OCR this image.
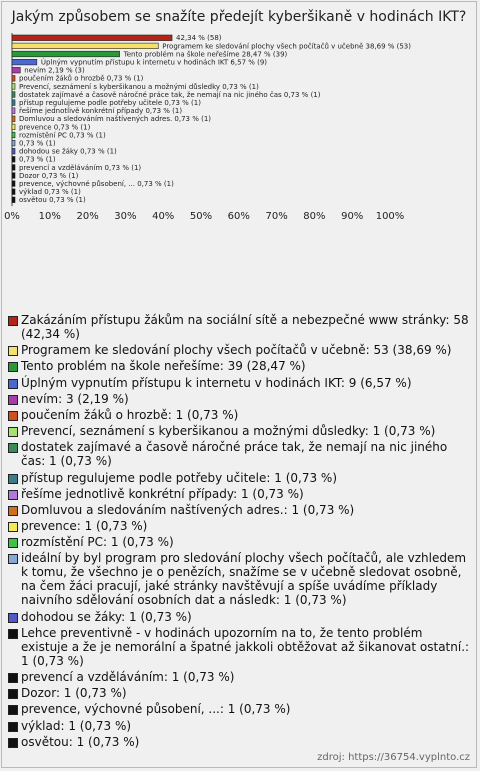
Jakým způsobem se snažíte předejít kyberšikaně v hodinách IKT?
42,34 % (58)
Programem ke sledování plochy všech počítačů v učebně 38,69 % (53)
Tento problém na škole neřešíme 28,47 % (39)
Úplným vypnutím přístupu k internetu v hodinách IKT 6,57 % (9)
nevím 2,19 % (3)
poučením žáků o hrozbě 0,73 % (1)
Prevencí, seznámení s kyberšikanou a možnými důsledky 0,73 % (1)
dostatek zajímavé a časově náročné práce tak, že nemají na nic jiného čas 0,73 % (1)
přístup regulujeme podle potřeby učitele 0,73 % (1)
řešíme jednotlivě konkrétní případy 0,73 % (1)
Domluvou a sledováním naštívených adres. 0,73 % (1)
prevence 0,73 % (1)
rozmístění PC 0,73 % (1)
0,73 % (1)
dohodou se žáky 0,73 % (1)
0,73 % (1)
prevencí a vzděláváním 0,73 % (1)
Dozor 0,73 % (1)
prevence, výchovné působení, ... 0,73 % (1)
výklad 0,73 % (1)
osvětou 0,73 % (1)
0% 10% 20% 30% 40% 50% 60% 70% 80% 90% 100%
Zakázáním přístupu žákům na sociální sítě a nebezpečné www stránky: 58 (42,34 %)
Programem ke sledování plochy všech počítačů v učebně: 53 (38,69 %)
Tento problém na škole neřešíme: 39 (28,47 %)
Úplným vypnutím přístupu k internetu v hodinách IKT: 9 (6,57 %)
nevím: 3 (2,19 %)
poučením žáků o hrozbě: 1 (0,73 %)
Prevencí, seznámení s kyberšikanou a možnými důsledky: 1 (0,73 %)
dostatek zajímavé a časově náročné práce tak, že nemají na nic jiného čas: 1 (0,73 %)
přístup regulujeme podle potřeby učitele: 1 (0,73 %)
řešíme jednotlivě konkrétní případy: 1 (0,73 %)
Domluvou a sledováním naštívených adres.: 1 (0,73 %)
prevence: 1 (0,73 %)
rozmístění PC: 1 (0,73 %)
ideální by byl program pro sledování plochy všech počítačů, ale vzhledem k tomu, že všechno je o penězích, snažíme se v učebně sledovat osobně, na čem žáci pracují, jaké stránky navštěvují a spíše uvádíme příklady naivního sdělování osobních dat a následk: 1 (0,73 %)
dohodou se žáky: 1 (0,73 %)
Lehce preventivně - v hodinách upozorním na to, že tento problém existuje a že je nemorální a špatné jakkoli obtěžovat až šikanovat ostatní.: 1 (0,73 %)
prevencí a vzděláváním: 1 (0,73 %)
Dozor: 1 (0,73 %)
prevence, výchovné působení, ...: 1 (0,73 %)
výklad: 1 (0,73 %)
osvětou: 1 (0,73 %)
zdroj: https://36754.vyplnto.cz
